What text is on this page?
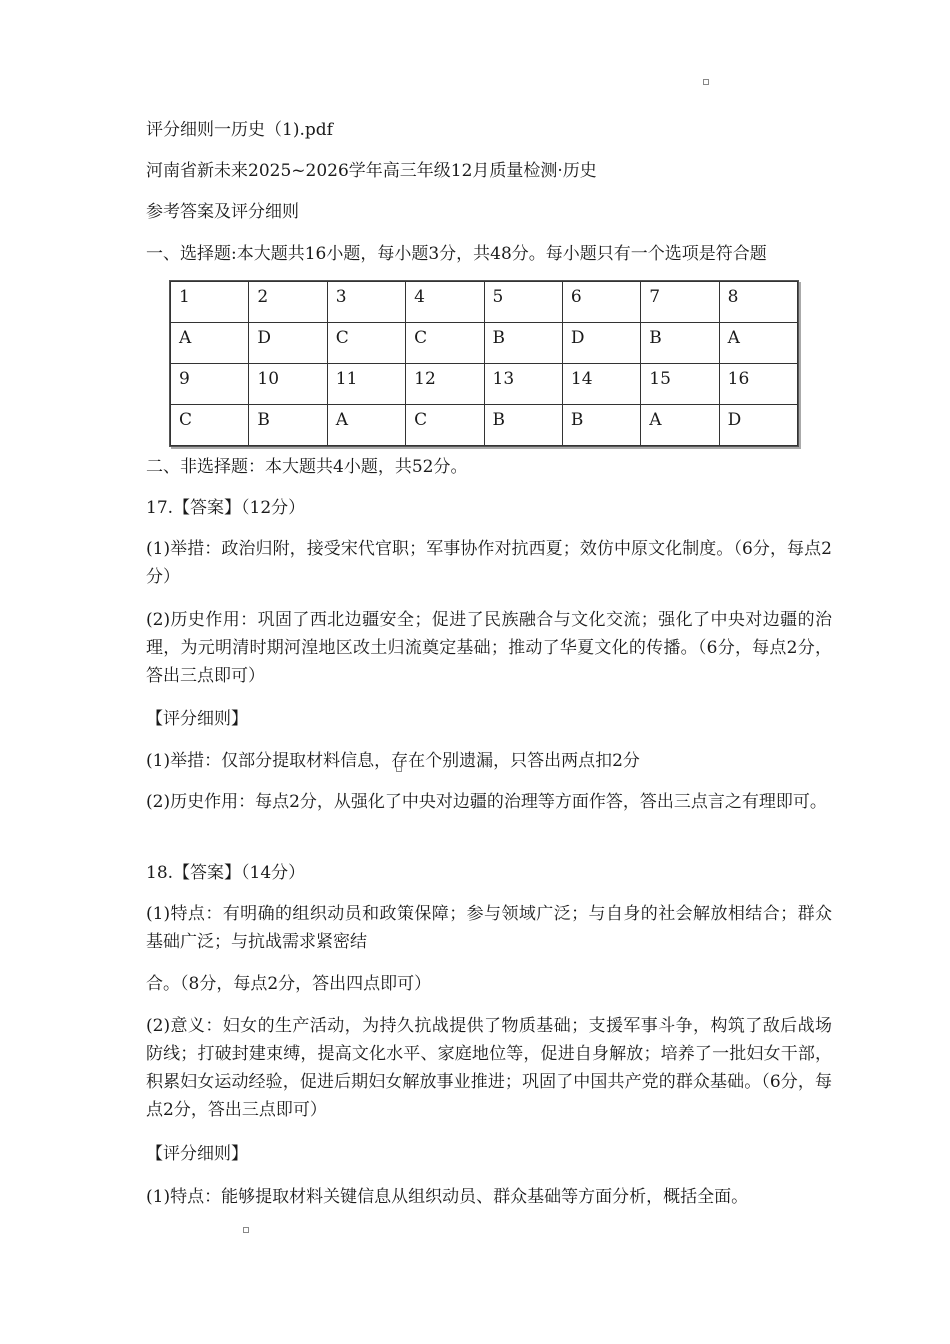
评分细则一历史（1).pdf

河南省新未来2025~2026学年高三年级12月质量检测·历史

参考答案及评分细则

一、选择题:本大题共16小题，每小题3分，共48分。每小题只有一个选项是符合题

1	2	3	4	5	6	7	8
A	D	C	C	B	D	B	A
9	10	11	12	13	14	15	16
C	B	A	C	B	B	A	D

二、非选择题：本大题共4小题，共52分。

17.【答案】（12分）

(1)举措：政治归附，接受宋代官职；军事协作对抗西夏；效仿中原文化制度。（6分，每点2分）

(2)历史作用：巩固了西北边疆安全；促进了民族融合与文化交流；强化了中央对边疆的治理，为元明清时期河湟地区改土归流奠定基础；推动了华夏文化的传播。（6分，每点2分，答出三点即可）

【评分细则】

(1)举措：仅部分提取材料信息，存在个别遗漏，只答出两点扣2分

(2)历史作用：每点2分，从强化了中央对边疆的治理等方面作答，答出三点言之有理即可。

18.【答案】（14分）

(1)特点：有明确的组织动员和政策保障；参与领域广泛；与自身的社会解放相结合；群众基础广泛；与抗战需求紧密结

合。（8分，每点2分，答出四点即可）

(2)意义：妇女的生产活动，为持久抗战提供了物质基础；支援军事斗争，构筑了敌后战场防线；打破封建束缚，提高文化水平、家庭地位等，促进自身解放；培养了一批妇女干部，积累妇女运动经验，促进后期妇女解放事业推进；巩固了中国共产党的群众基础。（6分，每点2分，答出三点即可）

【评分细则】

(1)特点：能够提取材料关键信息从组织动员、群众基础等方面分析，概括全面。
